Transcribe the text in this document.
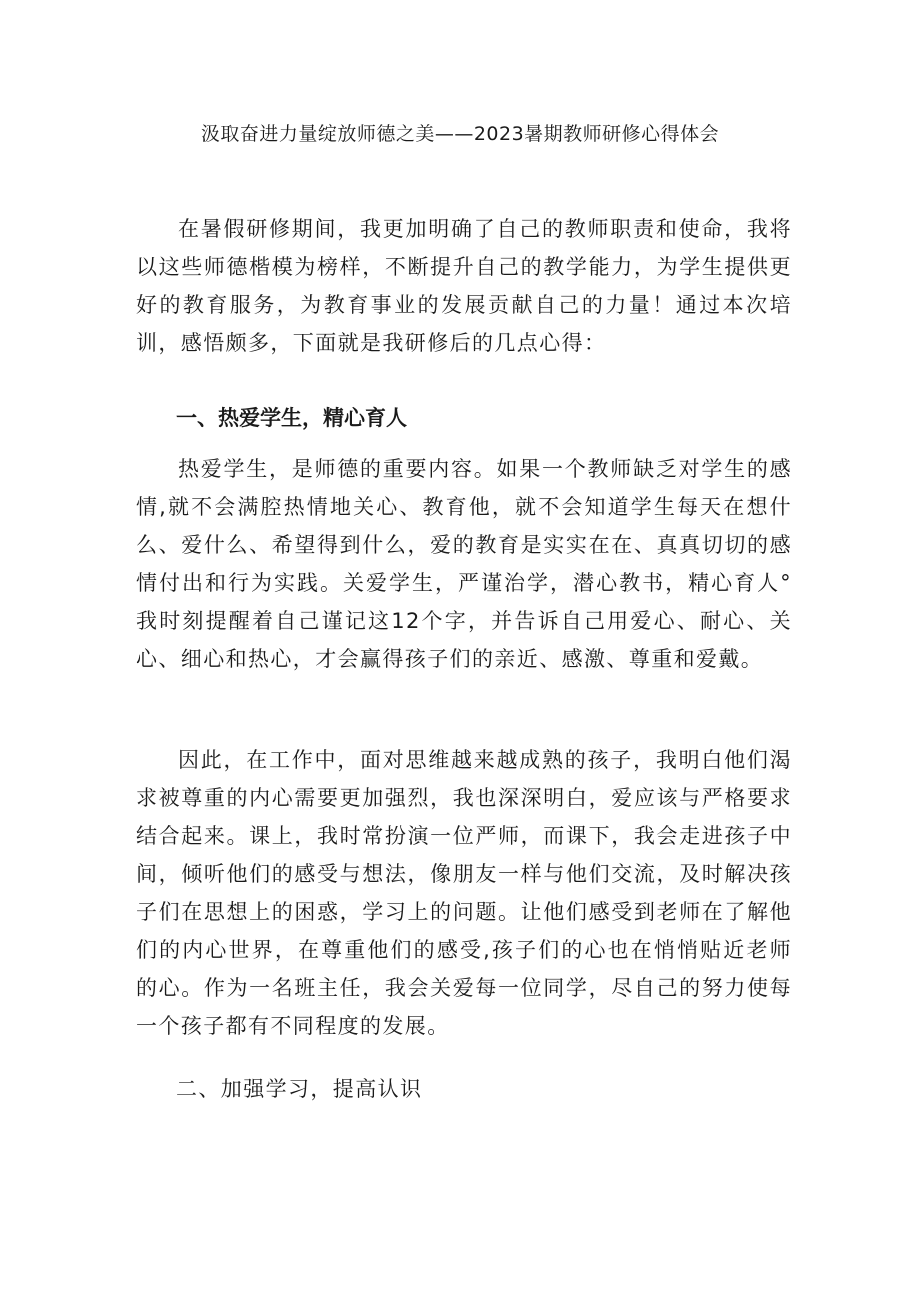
汲取奋进力量绽放师德之美——2023暑期教师研修心得体会

在暑假研修期间，我更加明确了自己的教师职责和使命，我将以这些师德楷模为榜样，不断提升自己的教学能力，为学生提供更好的教育服务，为教育事业的发展贡献自己的力量！通过本次培训，感悟颇多，下面就是我研修后的几点心得：

一、热爱学生，精心育人

热爱学生，是师德的重要内容。如果一个教师缺乏对学生的感情,就不会满腔热情地关心、教育他，就不会知道学生每天在想什么、爱什么、希望得到什么，爱的教育是实实在在、真真切切的感情付出和行为实践。关爱学生，严谨治学，潜心教书，精心育人°我时刻提醒着自己谨记这12个字，并告诉自己用爱心、耐心、关心、细心和热心，才会赢得孩子们的亲近、感激、尊重和爱戴。

因此，在工作中，面对思维越来越成熟的孩子，我明白他们渴求被尊重的内心需要更加强烈，我也深深明白，爱应该与严格要求结合起来。课上，我时常扮演一位严师，而课下，我会走进孩子中间，倾听他们的感受与想法，像朋友一样与他们交流，及时解决孩子们在思想上的困惑，学习上的问题。让他们感受到老师在了解他们的内心世界，在尊重他们的感受,孩子们的心也在悄悄贴近老师的心。作为一名班主任，我会关爱每一位同学，尽自己的努力使每一个孩子都有不同程度的发展。

二、加强学习，提高认识
